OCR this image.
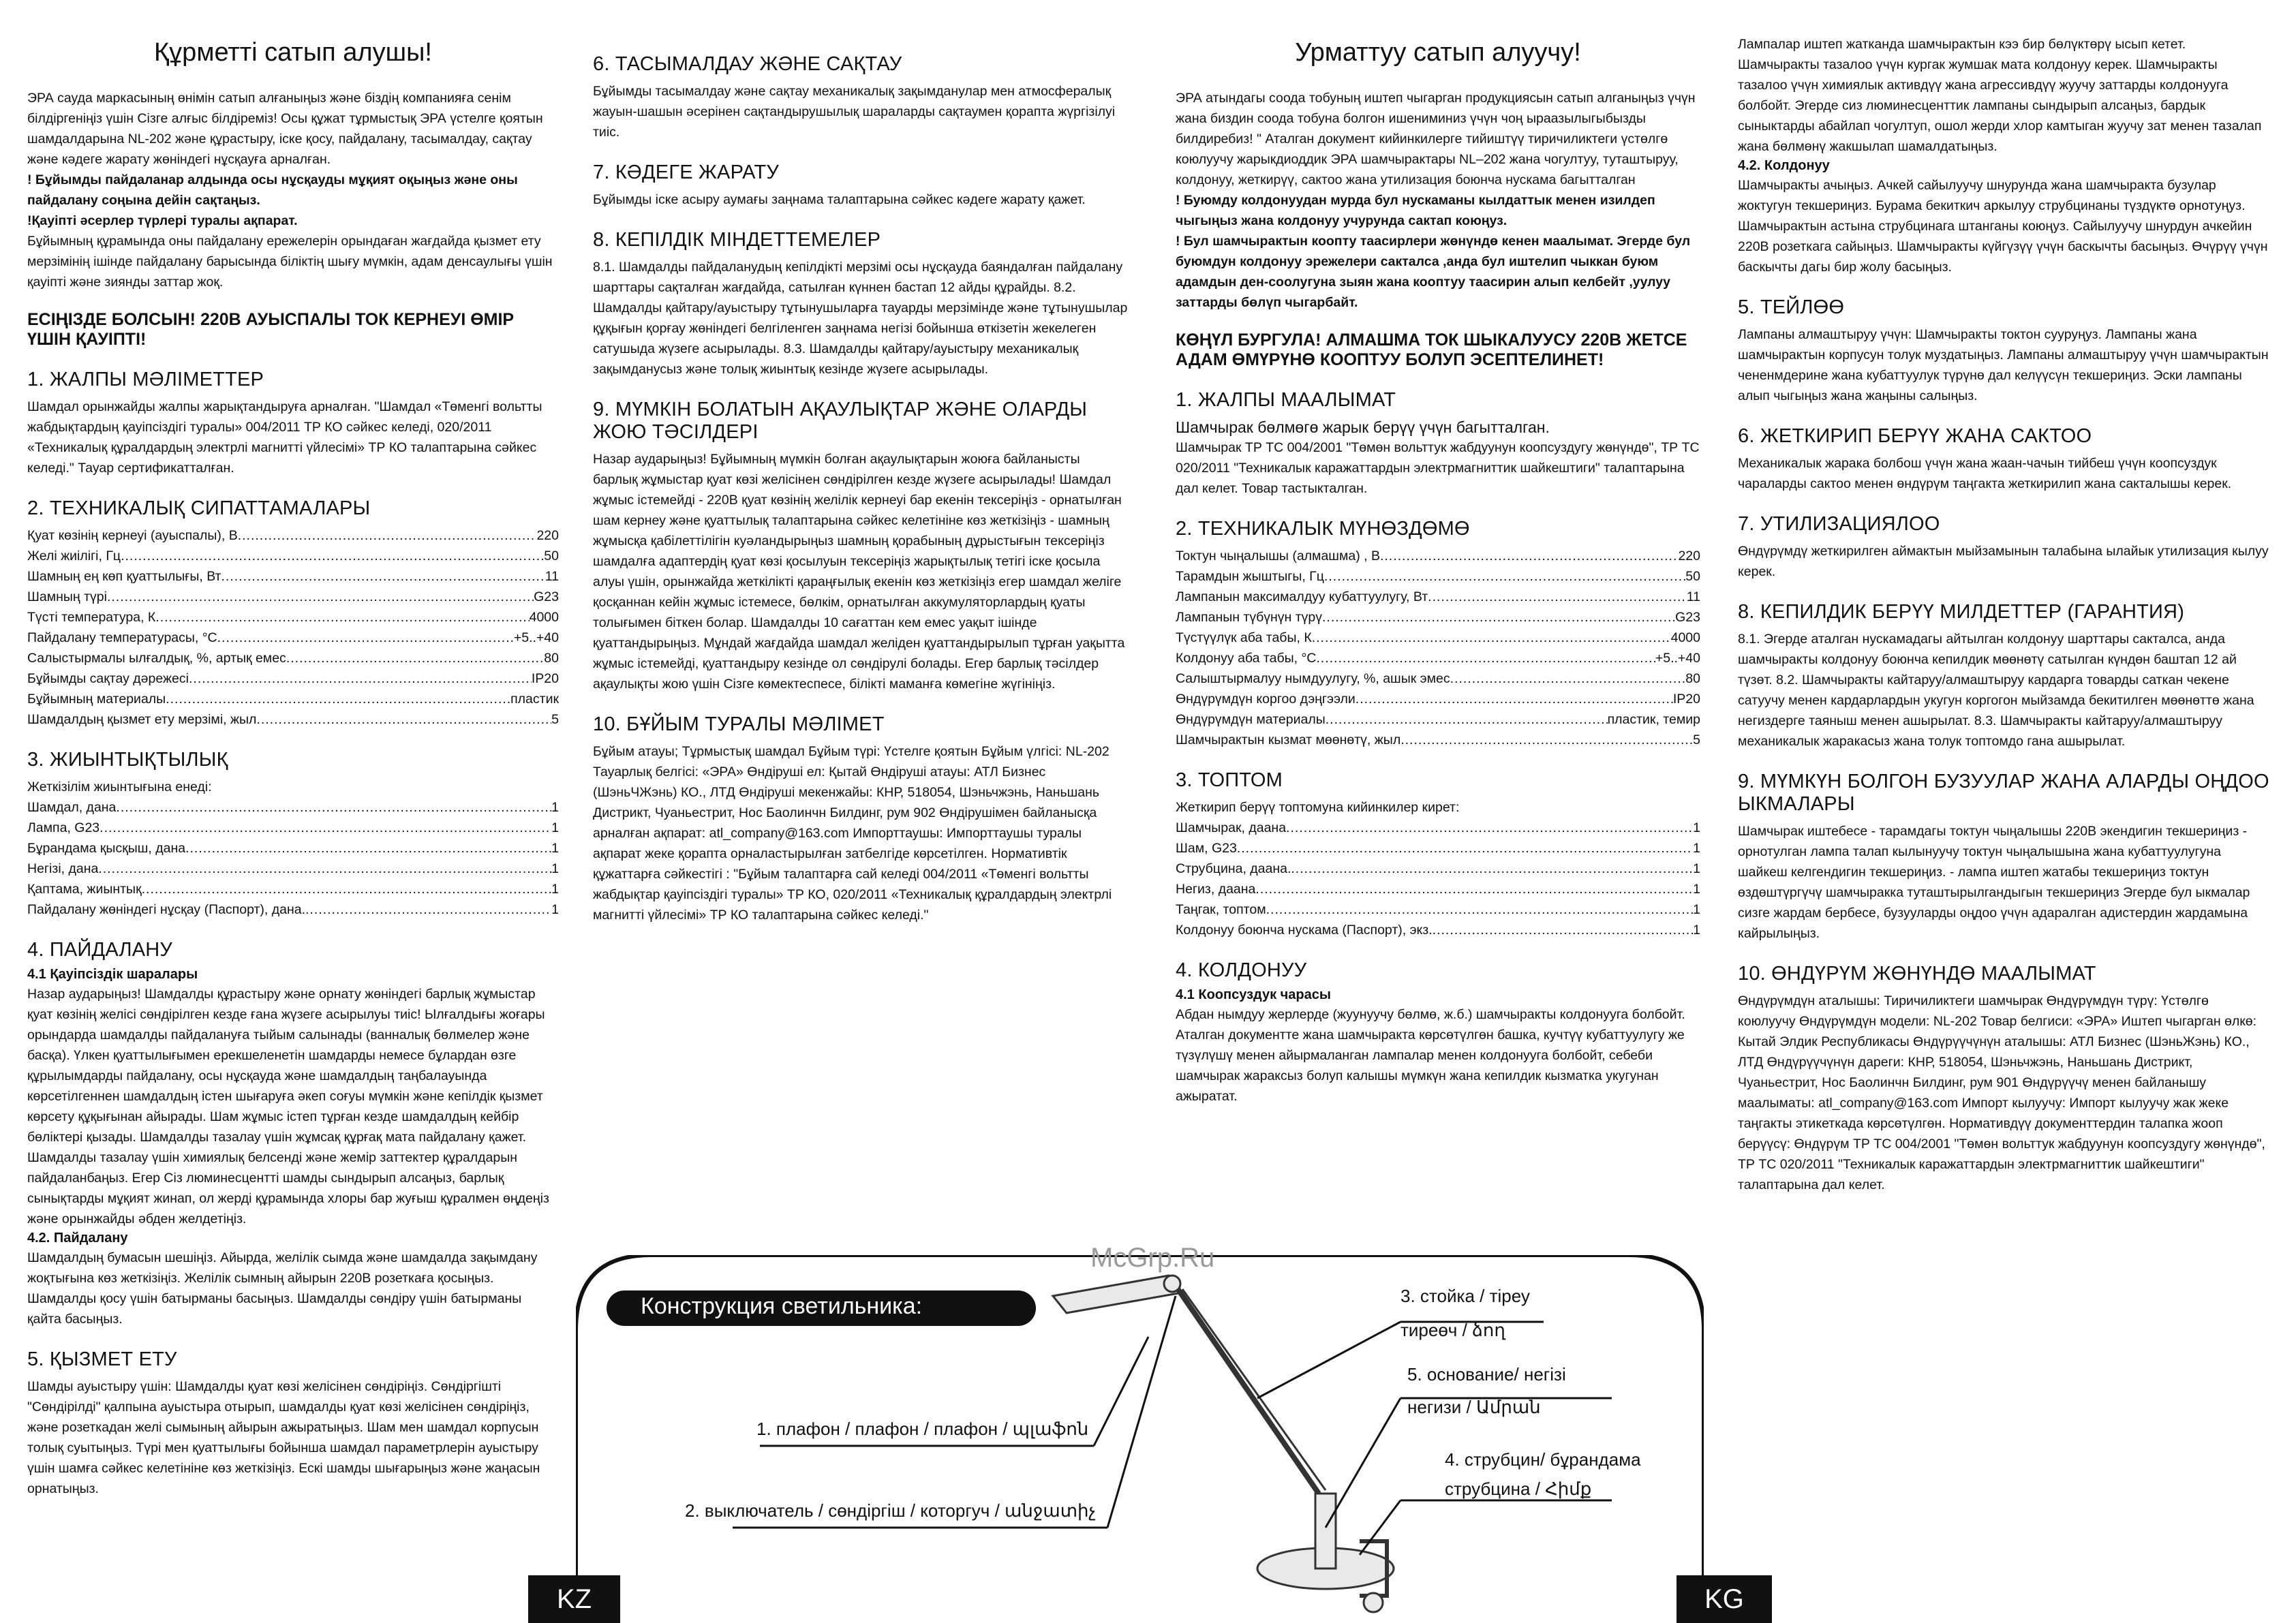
Құрметті сатып алушы!

ЭРА сауда маркасының өнімін сатып алғаныңыз және біздің компанияға сенім білдіргеніңіз үшін Сізге алғыс білдіреміз! Осы құжат тұрмыстық ЭРА үстелге қоятын шамдалдарына NL-202 және құрастыру, іске қосу, пайдалану, тасымалдау, сақтау және кәдеге жарату жөніндегі нұсқауға арналған.

! Бұйымды пайдаланар алдында осы нұсқауды мұқият оқыңыз және оны пайдалану соңына дейін сақтаңыз.

!Қауіпті әсерлер түрлері туралы ақпарат.

Бұйымның құрамында оны пайдалану ережелерін орындаған жағдайда қызмет ету мерзімінің ішінде пайдалану барысында біліктің шығу мүмкін, адам денсаулығы үшін қауіпті және зиянды заттар жоқ.

ЕСІҢІЗДЕ БОЛСЫН! 220В АУЫСПАЛЫ ТОК КЕРНЕУІ ӨМІР ҮШІН ҚАУІПТІ!
1. ЖАЛПЫ МӘЛІМЕТТЕР

Шамдал орынжайды жалпы жарықтандыруға арналған. "Шамдал «Төменгі вольтты жабдықтардың қауіпсіздігі туралы» 004/2011 ТР КО сәйкес келеді, 020/2011 «Техникалық құралдардың электрлі магнитті үйлесімі» ТР КО талаптарына сәйкес келеді." Тауар сертификатталған.

2. ТЕХНИКАЛЫҚ СИПАТТАМАЛАРЫ
Қуат көзінің кернеуі (ауыспалы), В .....	220
Желі жиілігі, Гц .....	50
Шамның ең көп қуаттылығы, Вт .....	11
Шамның түрі .....	G23
Түсті температура, К .....	4000
Пайдалану температурасы, °С .....	+5..+40
Салыстырмалы ылғалдық, %, артық емес .....	80
Бұйымды сақтау дәрежесі .....	IP20
Бұйымның материалы .....	пластик
Шамдалдың қызмет ету мерзімі, жыл .....	5
3. ЖИЫНТЫҚТЫЛЫҚ

Жеткізілім жиынтығына енеді:

Шамдал, дана .....	1
Лампа, G23 .....	1
Бұрандама қысқыш, дана .....	1
Негізі, дана .....	1
Қаптама, жиынтық .....	1
Пайдалану жөніндегі нұсқау (Паспорт), дана. .....	1
4. ПАЙДАЛАНУ
4.1 Қауіпсіздік шаралары

Назар аударыңыз! Шамдалды құрастыру және орнату жөніндегі барлық жұмыстар қуат көзінің желісі сөндірілген кезде ғана жүзеге асырылуы тиіс! Ылғалдығы жоғары орындарда шамдалды пайдалануға тыйым салынады (ванналық бөлмелер және басқа). Үлкен қуаттылығымен ерекшеленетін шамдарды немесе бұлардан өзге құрылымдарды пайдалану, осы нұсқауда және шамдалдың таңбалауында көрсетілгеннен шамдалдың істен шығаруға әкеп соғуы мүмкін және кепілдік қызмет көрсету құқығынан айырады. Шам жұмыс істеп тұрған кезде шамдалдың кейбір бөліктері қызады. Шамдалды тазалау үшін жұмсақ құрғақ мата пайдалану қажет. Шамдалды тазалау үшін химиялық белсенді және жемір заттектер құралдарын пайдаланбаңыз. Егер Сіз люминесцентті шамды сындырып алсаңыз, барлық сынықтарды мұқият жинап, ол жерді құрамында хлоры бар жуғыш құралмен өңдеңіз және орынжайды әбден желдетіңіз.

4.2. Пайдалану

Шамдалдың бумасын шешіңіз. Айырда, желілік сымда және шамдалда зақымдану жоқтығына көз жеткізіңіз. Желілік сымның айырын 220В розеткаға қосыңыз. Шамдалды қосу үшін батырманы басыңыз. Шамдалды сөндіру үшін батырманы қайта басыңыз.

5. ҚЫЗМЕТ ЕТУ

Шамды ауыстыру үшін: Шамдалды қуат көзі желісінен сөндіріңіз. Сөндіргішті "Сөндірілді" қалпына ауыстыра отырып, шамдалды қуат көзі желісінен сөндіріңіз, және розеткадан желі сымының айырын ажыратыңыз. Шам мен шамдал корпусын толық суытыңыз. Түрі мен қуаттылығы бойынша шамдал параметрлерін ауыстыру үшін шамға сәйкес келетініне көз жеткізіңіз. Ескі шамды шығарыңыз және жаңасын орнатыңыз.

6. ТАСЫМАЛДАУ ЖӘНЕ САҚТАУ

Бұйымды тасымалдау және сақтау механикалық зақымданулар мен атмосфералық жауын-шашын әсерінен сақтандырушылық шараларды сақтаумен қорапта жүргізілуі тиіс.

7. КӘДЕГЕ ЖАРАТУ

Бұйымды іске асыру аумағы заңнама талаптарына сәйкес кәдеге жарату қажет.

8. КЕПІЛДІК МІНДЕТТЕМЕЛЕР

8.1. Шамдалды пайдаланудың кепілдікті мерзімі осы нұсқауда баяндалған пайдалану шарттары сақталған жағдайда, сатылған күннен бастап 12 айды құрайды. 8.2. Шамдалды қайтару/ауыстыру тұтынушыларға тауарды мерзімінде және тұтынушылар құқығын қорғау жөніндегі белгіленген заңнама негізі бойынша өткізетін жекелеген сатушыда жүзеге асырылады. 8.3. Шамдалды қайтару/ауыстыру механикалық зақымданусыз және толық жиынтық кезінде жүзеге асырылады.

9. МҮМКІН БОЛАТЫН АҚАУЛЫҚТАР ЖӘНЕ ОЛАРДЫ ЖОЮ ТӘСІЛДЕРІ

Назар аударыңыз! Бұйымның мүмкін болған ақаулықтарын жоюға байланысты барлық жұмыстар қуат көзі желісінен сөндірілген кезде жүзеге асырылады! Шамдал жұмыс істемейді - 220В қуат көзінің желілік кернеуі бар екенін тексеріңіз - орнатылған шам кернеу және қуаттылық талаптарына сәйкес келетініне көз жеткізіңіз - шамның жұмысқа қабілеттілігін куәландырыңыз шамның қорабының дұрыстығын тексеріңіз шамдалға адаптердің қуат көзі қосылуын тексеріңіз жарықтылық тетігі іске қосыла алуы үшін, орынжайда жеткілікті қараңғылық екенін көз жеткізіңіз егер шамдал желіге қосқаннан кейін жұмыс істемесе, бөлкім, орнатылған аккумуляторлардың қуаты толығымен біткен болар. Шамдалды 10 сағаттан кем емес уақыт ішінде қуаттандырыңыз. Мұндай жағдайда шамдал желіден қуаттандырылып тұрған уақытта жұмыс істемейді, қуаттандыру кезінде ол сөндірулі болады. Егер барлық тәсілдер ақаулықты жою үшін Сізге көмектеспесе, білікті маманға көмегіне жүгініңіз.

10. БҰЙЫМ ТУРАЛЫ МӘЛІМЕТ

Бұйым атауы; Тұрмыстық шамдал Бұйым түрі: Үстелге қоятын Бұйым үлгісі: NL-202 Тауарлық белгісі: «ЭРА» Өндіруші ел: Қытай Өндіруші атауы: АТЛ Бизнес (ШэньЧЖэнь) КО., ЛТД Өндіруші мекенжайы: КНР, 518054, Шэньчжэнь, Наньшань Дистрикт, Чуаньестрит, Нос Баолинчн Билдинг, рум 902 Өндірушімен байланысқа арналған ақпарат: atl_company@163.com Импорттаушы: Импорттаушы туралы ақпарат жеке қорапта орналастырылған затбелгіде көрсетілген. Нормативтік құжаттарға сәйкестігі : "Бұйым талаптарға сай келеді 004/2011 «Төменгі вольтты жабдықтар қауіпсіздігі туралы» ТР КО, 020/2011 «Техникалық құралдардың электрлі магнитті үйлесімі» ТР КО талаптарына сәйкес келеді."

Урматтуу сатып алуучу!

ЭРА атындагы соода тобуның иштеп чыгарган продукциясын сатып алганыңыз үчүн жана биздин соода тобуна болгон ишениминиз үчүн чоң ыраазылыгыбызды билдиребиз! " Аталган документ кийинкилерге тийиштүү тиричиликтеги үстөлгө коюлуучу жарыкдиоддик ЭРА шамчырактары NL–202 жана чогултуу, туташтыруу, колдонуу, жеткирүү, сактоо жана утилизация боюнча нускама багытталган

! Буюмду колдонуудан мурда бул нускаманы кылдаттык менен изилдеп чыгыңыз жана колдонуу учурунда сактап коюңуз.

! Бул шамчырактын коопту таасирлери жөнүндө кенен маалымат. Эгерде бул буюмдун колдонуу эрежелери сакталса ,анда бул иштелип чыккан буюм адамдын ден-соолугуна зыян жана кооптуу таасирин алып келбейт ,уулуу заттарды бөлүп чыгарбайт.

КӨҢҮЛ БУРГУЛА! АЛМАШМА ТОК ШЫКАЛУУСУ 220В ЖЕТСЕ АДАМ ӨМҮРҮНӨ КООПТУУ БОЛУП ЭСЕПТЕЛИНЕТ!
1. ЖАЛПЫ МААЛЫМАТ

Шамчырак бөлмөгө жарык берүү үчүн багытталган.

Шамчырак ТР ТС 004/2001 "Төмөн вольттук жабдуунун коопсуздугу жөнүндө", ТР ТС 020/2011 "Техникалык каражаттардын электрмагниттик шайкештиги" талаптарына дал келет. Товар тастыкталган.

2. ТЕХНИКАЛЫК МҮНӨЗДӨМӨ
Токтун чыңалышы (алмашма) , В .....	220
Тарамдын жыштыгы, Гц .....	50
Лампанын максималдуу кубаттуулугу, Вт .....	11
Лампанын түбүнүн түрү .....	G23
Түстүүлүк аба табы, К .....	4000
Колдонуу аба табы, °С .....	+5..+40
Салыштырмалуу нымдуулугу, %, ашык эмес .....	80
Өндүрүмдүн коргоо дэңгээли .....	IP20
Өндүрүмдүн материалы .....	пластик, темир
Шамчырактын кызмат мөөнөтү, жыл .....	5
3. ТОПТОМ

Жеткирип берүү топтомуна кийинкилер кирет:

Шамчырак, даана .....	1
Шам, G23 .....	1
Струбцина, даана. .....	1
Негиз, даана .....	1
Таңгак, топтом .....	1
Колдонуу боюнча нускама (Паспорт), экз. .....	1
4. КОЛДОНУУ
4.1 Коопсуздук чарасы

Абдан нымдуу жерлерде (жуунуучу бөлмө, ж.б.) шамчыракты колдонууга болбойт. Аталган документте жана шамчыракта көрсөтүлгөн башка, кучтүү кубаттуулугу же түзүлүшү менен айырмаланган лампалар менен колдонууга болбойт, себеби шамчырак жараксыз болуп калышы мүмкүн жана кепилдик кызматка укугунан ажыратат.

Лампалар иштеп жатканда шамчырактын кээ бир бөлүктөрү ысып кетет. Шамчыракты тазалоо үчүн кургак жумшак мата колдонуу керек. Шамчыракты тазалоо үчүн химиялык активдүү жана агрессивдүү жуучу заттарды колдонууга болбойт. Эгерде сиз люминесценттик лампаны сындырып алсаңыз, бардык сыныктарды абайлап чогултуп, ошол жерди хлор камтыган жуучу зат менен тазалап жана бөлмөнү жакшылап шамалдатыңыз.

4.2. Колдонуу

Шамчыракты ачыңыз. Ачкей сайылуучу шнурунда жана шамчыракта бузулар жоктугун текшериңиз. Бурама бекиткич аркылуу струбцинаны түздүктө орнотуңуз. Шамчырактын астына струбцинага штанганы коюңуз. Сайылуучу шнурдун ачкейин 220В розеткага сайыңыз. Шамчыракты күйгүзүү үчүн баскычты басыңыз. Өчүрүү үчүн баскычты дагы бир жолу басыңыз.

5. ТЕЙЛӨӨ

Лампаны алмаштыруу үчүн: Шамчыракты токтон сууруңуз. Лампаны жана шамчырактын корпусун толук муздатыңыз. Лампаны алмаштыруу үчүн шамчырактын чененмдерине жана кубаттуулук түрүнө дал келүүсүн текшериңиз. Эски лампаны алып чыгыңыз жана жаңыны салыңыз.

6. ЖЕТКИРИП БЕРҮҮ ЖАНА САКТОО

Механикалык жарака болбош үчүн жана жаан-чачын тийбеш үчүн коопсуздук чараларды сактоо менен өндүрүм таңгакта жеткирилип жана сакталышы керек.

7. УТИЛИЗАЦИЯЛОО

Өндүрүмдү жеткирилген аймактын мыйзамынын талабына ылайык утилизация кылуу керек.

8. КЕПИЛДИК БЕРҮҮ МИЛДЕТТЕР (ГАРАНТИЯ)

8.1. Эгерде аталган нускамадагы айтылган колдонуу шарттары сакталса, анда шамчыракты колдонуу боюнча кепилдик мөөнөтү сатылган күндөн баштап 12 ай түзөт. 8.2. Шамчыракты кайтаруу/алмаштыруу кардарга товарды саткан чекене сатуучу менен кардарлардын укугун коргогон мыйзамда бекитилген мөөнөттө жана негиздерге таяныш менен ашырылат. 8.3. Шамчыракты кайтаруу/алмаштыруу механикалык жаракасыз жана толук топтомдо гана ашырылат.

9. МҮМКҮН БОЛГОН БУЗУУЛАР ЖАНА АЛАРДЫ ОҢДОО ЫКМАЛАРЫ

Шамчырак иштебесе - тарамдагы токтун чыңалышы 220В экендигин текшериңиз - орнотулган лампа талап кылынуучу токтун чыңалышына жана кубаттуулугуна шайкеш келгендигин текшериңиз. - лампа иштеп жатабы текшериңиз токтун өздөштүргүчү шамчыракка туташтырылгандыгын текшериңиз Эгерде бул ыкмалар сизге жардам бербесе, бузууларды оңдоо үчүн адаралган адистердин жардамына кайрылыңыз.

10. ӨНДҮРҮМ ЖӨНҮНДӨ МААЛЫМАТ

Өндүрүмдүн аталышы: Тиричиликтеги шамчырак Өндүрүмдүн түрү: Үстөлгө коюлуучу Өндүрүмдүн модели: NL-202 Товар белгиси: «ЭРА» Иштеп чыгарган өлкө: Кытай Элдик Республикасы Өндүрүүчүнүн аталышы: АТЛ Бизнес (ШэньЖэнь) КО., ЛТД Өндүрүүчүнүн дареги: КНР, 518054, Шэньчжэнь, Наньшань Дистрикт, Чуаньестрит, Нос Баолинчн Билдинг, рум 901 Өндүрүүчү менен байланышу маалыматы: atl_company@163.com Импорт кылуучу: Импорт кылуучу жак жеке таңгакты этикеткада көрсөтүлгөн. Нормативдүү документтердин талапка жооп берүүсү: Өндүрүм ТР ТС 004/2001 "Төмөн вольттук жабдуунун коопсуздугу жөнүндө", ТР ТС 020/2011 "Техникалык каражаттардын электрмагниттик шайкештиги" талаптарына дал келет.

Конструкция светильника:
1. плафон / плафон / плафон / պլաֆոն
2. выключатель / сөндіргіш / которгуч / անջատիչ
3. стойка / тіреу
тиреөч / ձող
5. основание/ негізі
негизи / Ամրան
4. струбцин/ бұрандама
струбцина / Հիմք
McGrp.Ru
KZ	KG
